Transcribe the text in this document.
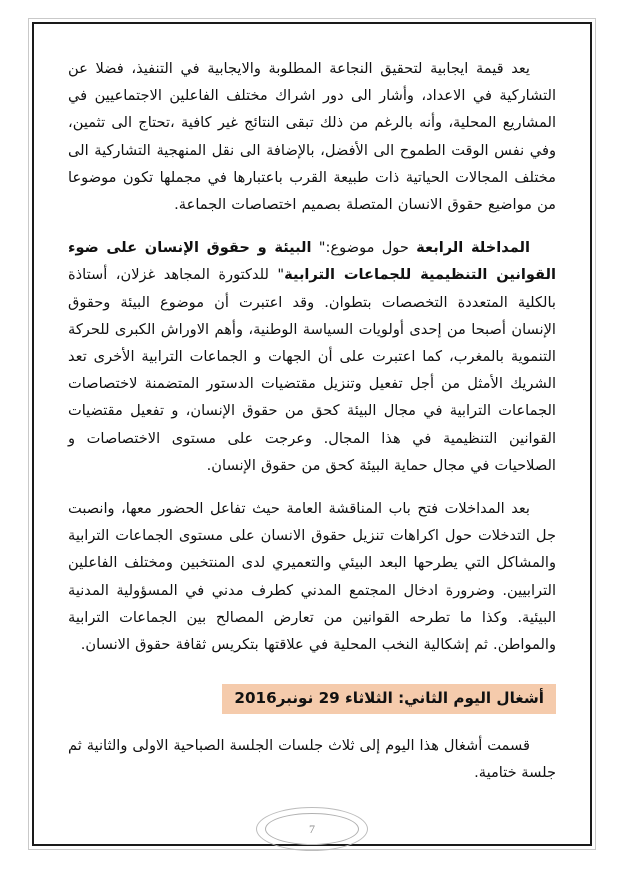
يعد قيمة ايجابية لتحقيق النجاعة المطلوبة والايجابية في التنفيذ، فضلا عن التشاركية في الاعداد، وأشار الى دور اشراك مختلف الفاعلين الاجتماعيين في المشاريع المحلية، وأنه بالرغم من ذلك تبقى النتائج غير كافية ،تحتاج الى تثمين، وفي نفس الوقت الطموح الى الأفضل، بالإضافة الى نقل المنهجية التشاركية الى مختلف المجالات الحياتية ذات طبيعة القرب باعتبارها في مجملها تكون موضوعا من مواضيع حقوق الانسان المتصلة بصميم اختصاصات الجماعة.

المداخلة الرابعة حول موضوع:" البيئة و حقوق الإنسان على ضوء القوانين التنظيمية للجماعات الترابية" للدكتورة المجاهد غزلان، أستاذة بالكلية المتعددة التخصصات بتطوان. وقد اعتبرت أن موضوع البيئة وحقوق الإنسان أصبحا من إحدى أولويات السياسة الوطنية، وأهم الاوراش الكبرى للحركة التنموية بالمغرب، كما اعتبرت على أن الجهات و الجماعات الترابية الأخرى تعد الشريك الأمثل من أجل تفعيل وتنزيل مقتضيات الدستور المتضمنة لاختصاصات الجماعات الترابية في مجال البيئة كحق من حقوق الإنسان، و تفعيل مقتضيات القوانين التنظيمية في هذا المجال. وعرجت على مستوى الاختصاصات و الصلاحيات في مجال حماية البيئة كحق من حقوق الإنسان.

بعد المداخلات فتح باب المناقشة العامة حيث تفاعل الحضور معها، وانصبت جل التدخلات حول اكراهات تنزيل حقوق الانسان على مستوى الجماعات الترابية والمشاكل التي يطرحها البعد البيئي والتعميري لدى المنتخبين ومختلف الفاعلين الترابيين. وضرورة ادخال المجتمع المدني كطرف مدني في المسؤولية المدنية البيئية. وكذا ما تطرحه القوانين من تعارض المصالح بين الجماعات الترابية والمواطن. ثم إشكالية النخب المحلية في علاقتها بتكريس ثقافة حقوق الانسان.

أشغال اليوم الثاني: الثلاثاء 29 نونبر2016

قسمت أشغال هذا اليوم إلى ثلاث جلسات الجلسة الصباحية الاولى والثانية ثم جلسة ختامية.

7
